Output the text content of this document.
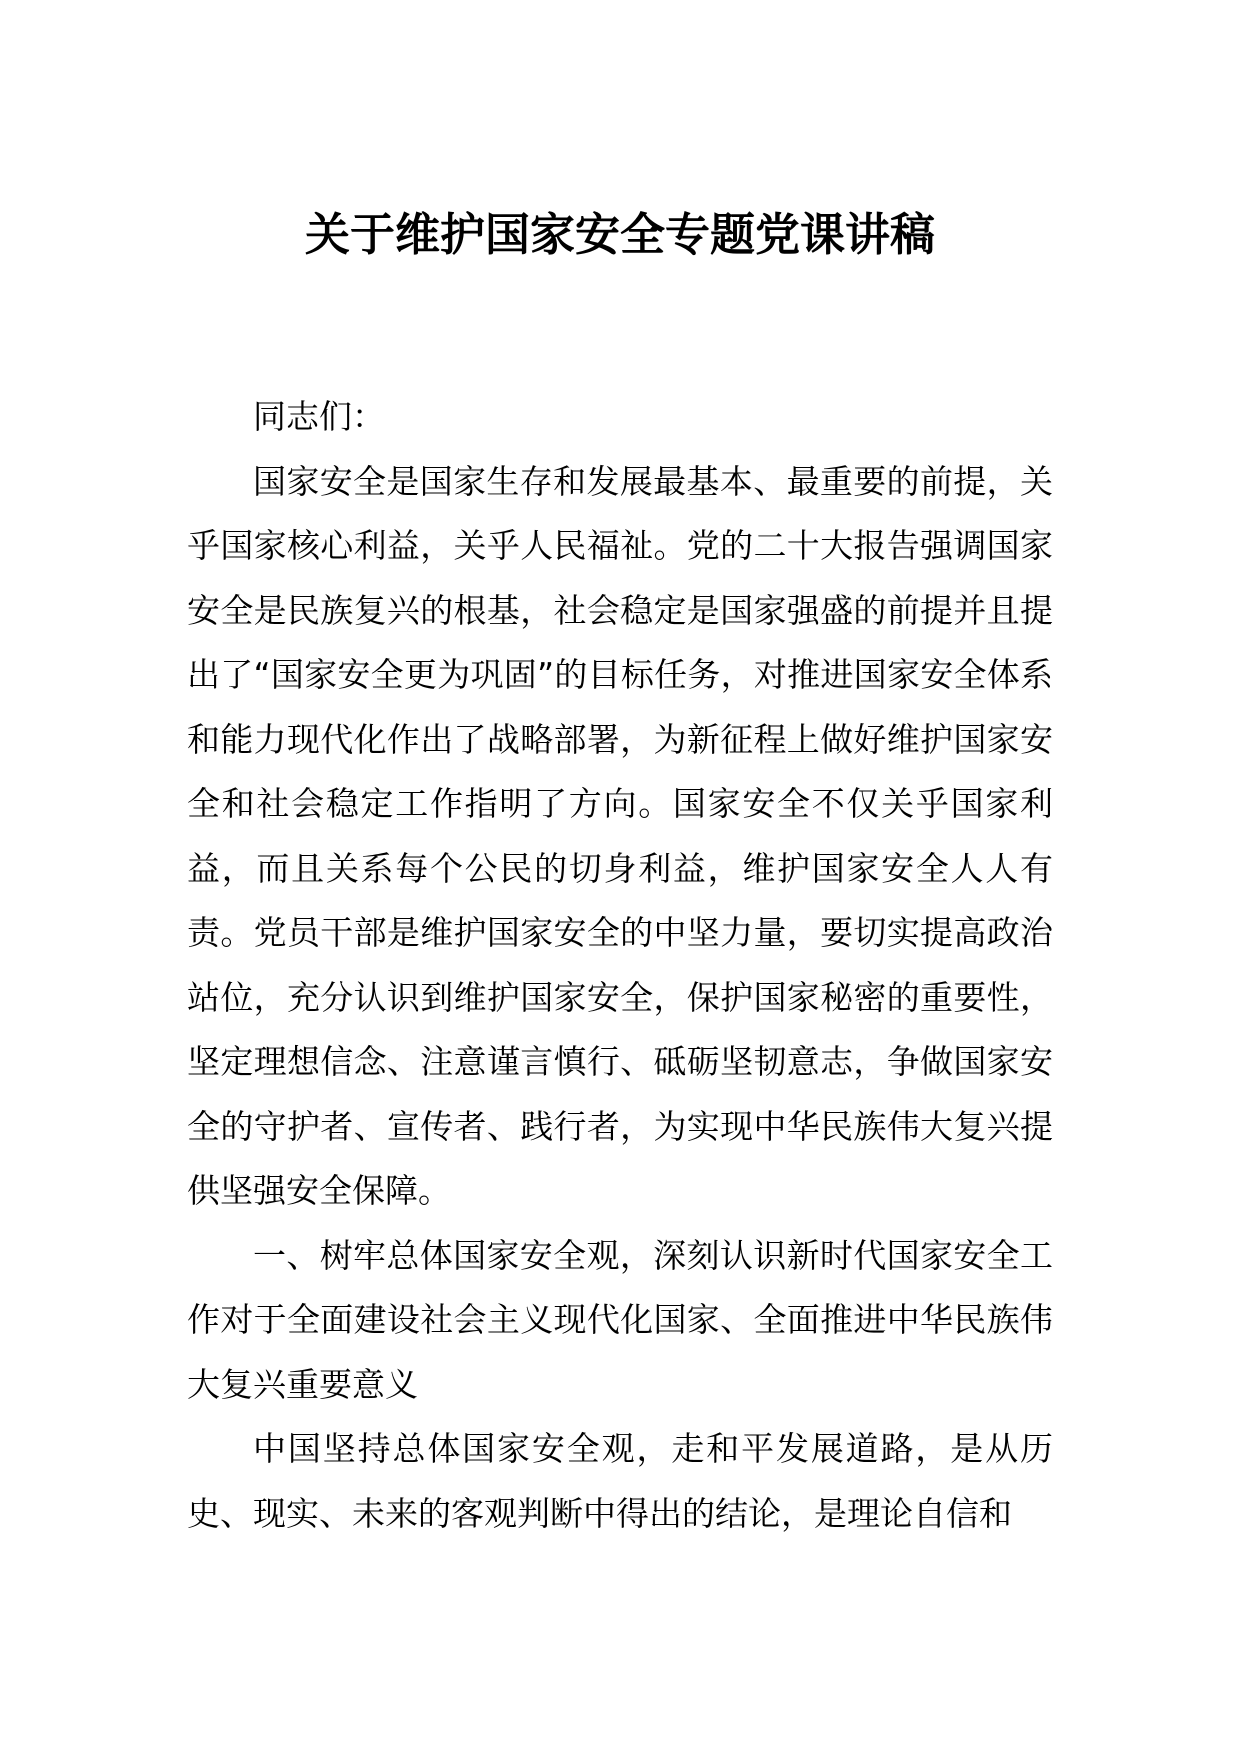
关于维护国家安全专题党课讲稿

同志们：

国家安全是国家生存和发展最基本、最重要的前提，关乎国家核心利益，关乎人民福祉。党的二十大报告强调国家安全是民族复兴的根基，社会稳定是国家强盛的前提并且提出了“国家安全更为巩固”的目标任务，对推进国家安全体系和能力现代化作出了战略部署，为新征程上做好维护国家安全和社会稳定工作指明了方向。国家安全不仅关乎国家利益，而且关系每个公民的切身利益，维护国家安全人人有责。党员干部是维护国家安全的中坚力量，要切实提高政治站位，充分认识到维护国家安全，保护国家秘密的重要性，坚定理想信念、注意谨言慎行、砥砺坚韧意志，争做国家安全的守护者、宣传者、践行者，为实现中华民族伟大复兴提供坚强安全保障。

一、树牢总体国家安全观，深刻认识新时代国家安全工作对于全面建设社会主义现代化国家、全面推进中华民族伟大复兴重要意义

中国坚持总体国家安全观，走和平发展道路，是从历史、现实、未来的客观判断中得出的结论，是理论自信和
